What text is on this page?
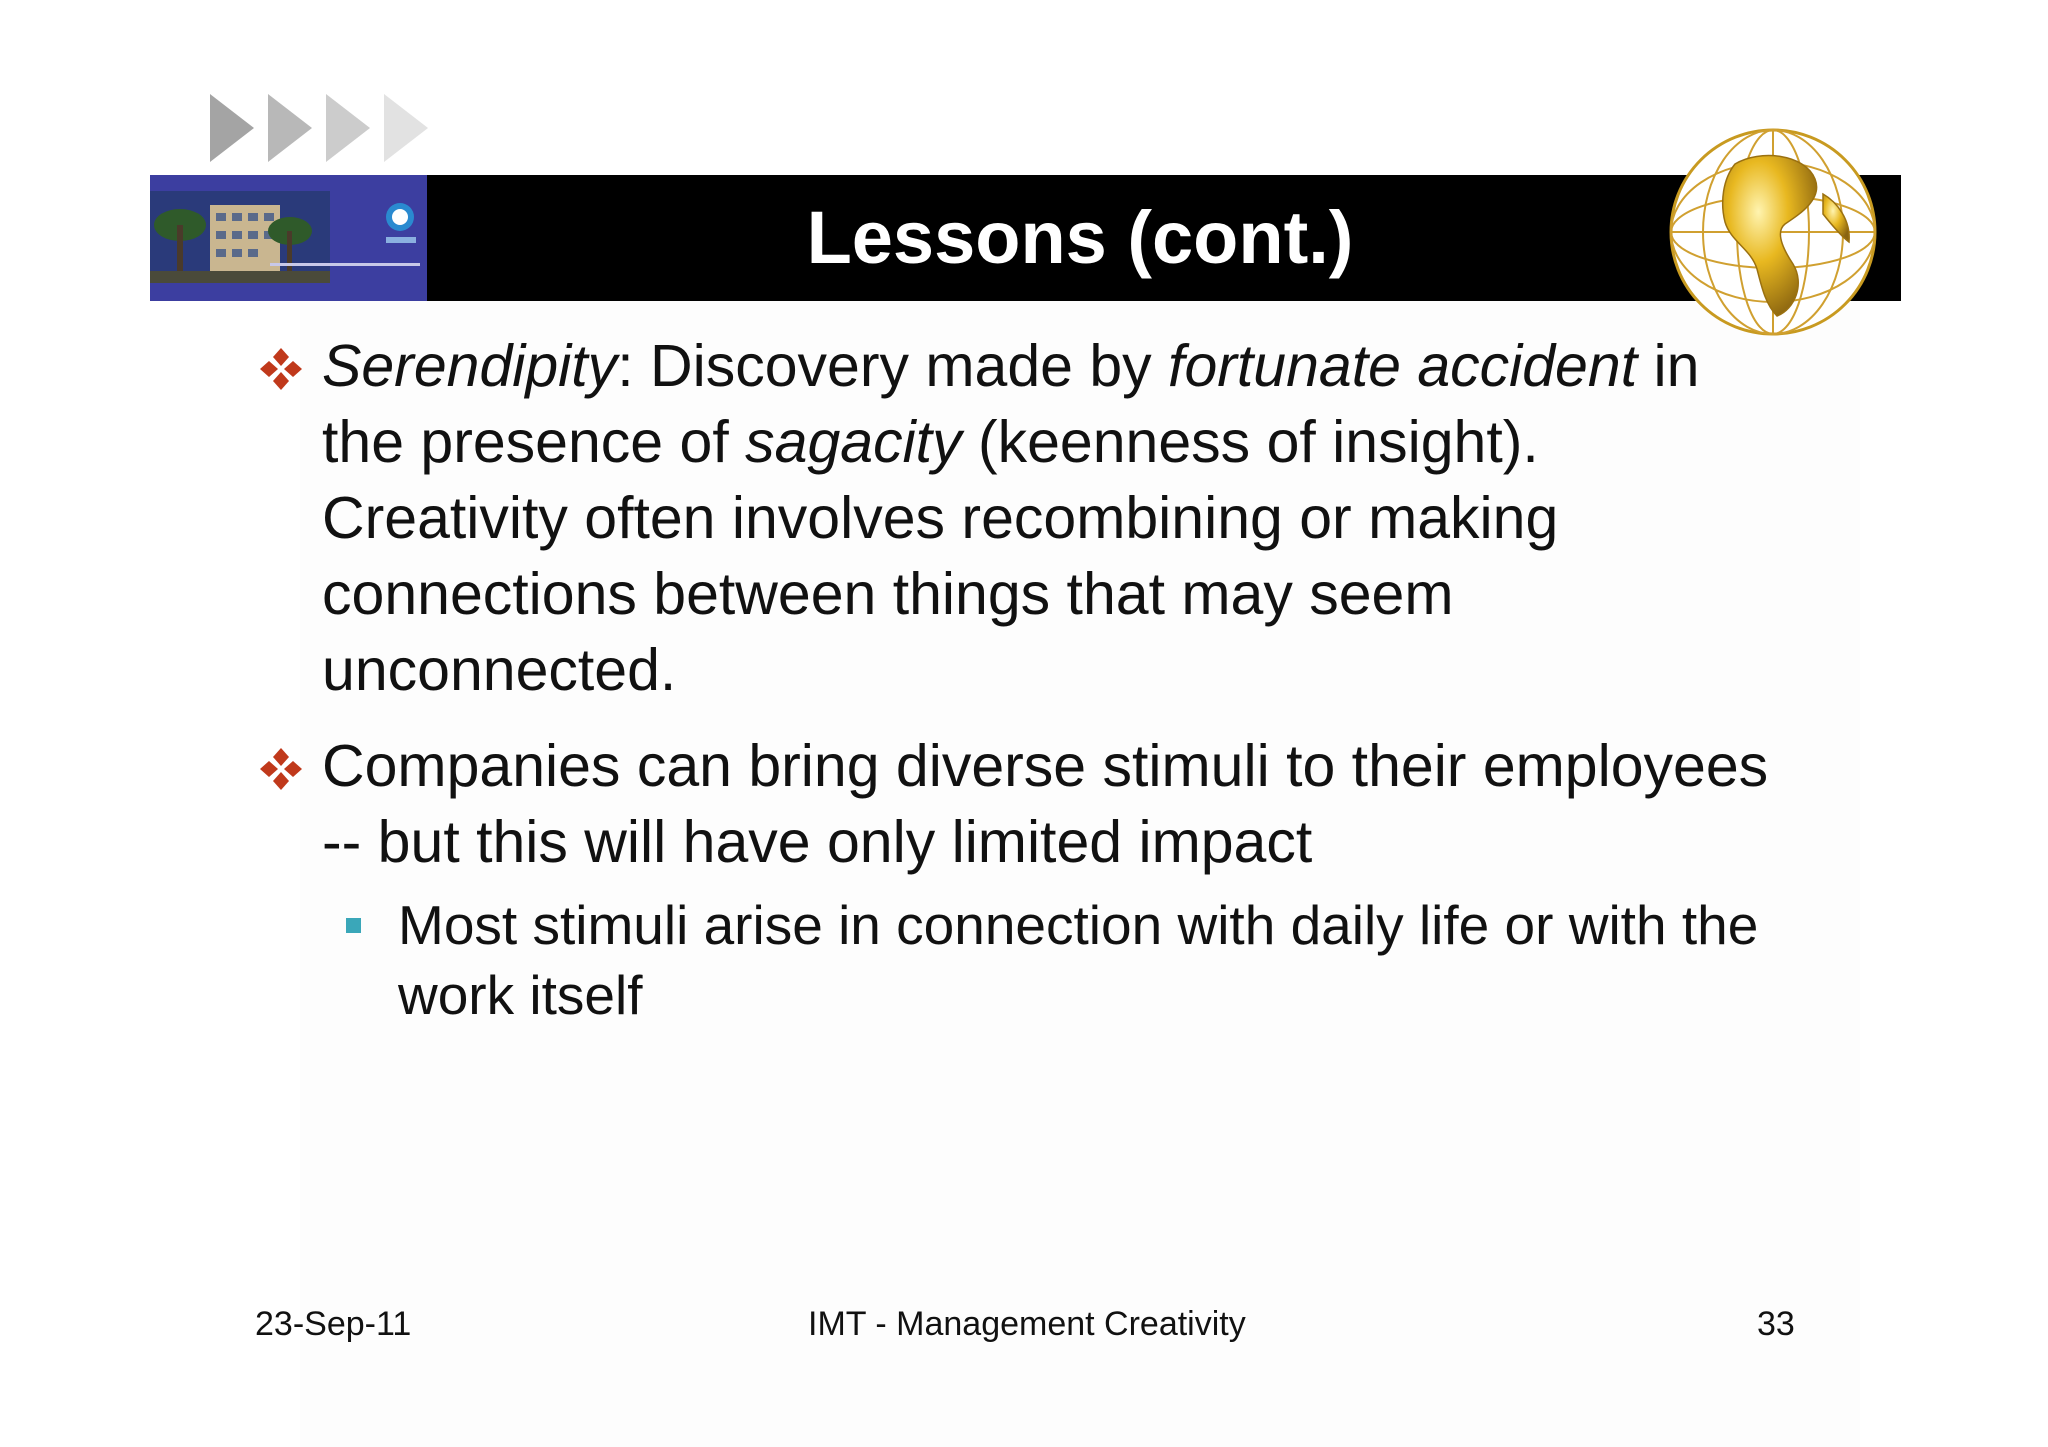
Lessons (cont.)
Serendipity: Discovery made by fortunate accident in the presence of sagacity (keenness of insight). Creativity often involves recombining or making connections between things that may seem unconnected.
Companies can bring diverse stimuli to their employees -- but this will have only limited impact
Most stimuli arise in connection with daily life or with the work itself
23-Sep-11	IMT - Management Creativity	33
